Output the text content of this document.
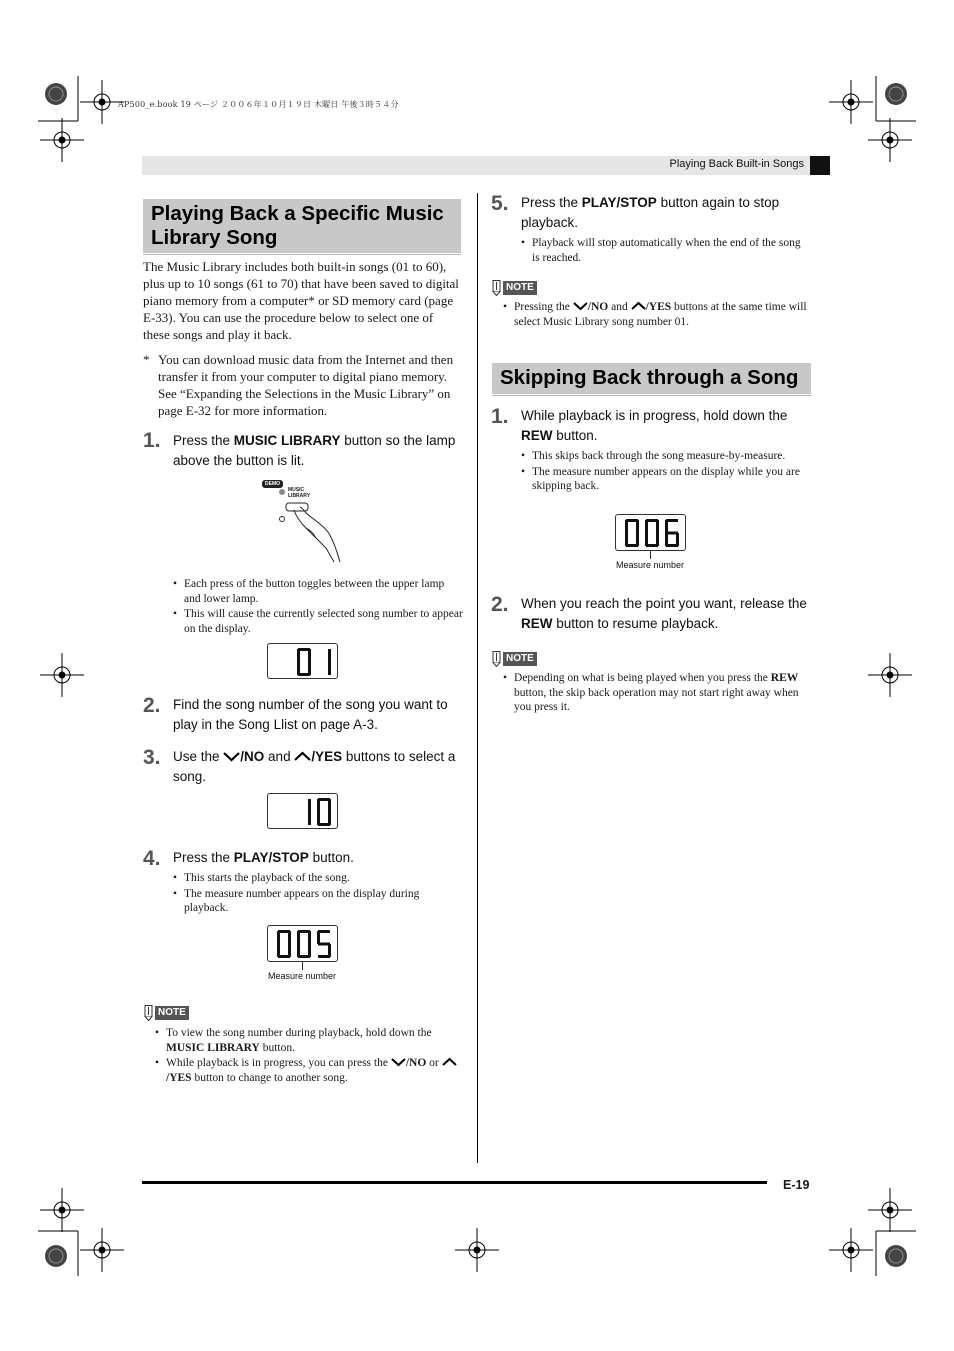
AP500_e.book 19 ページ ２００６年１０月１９日 木曜日 午後３時５４分
Playing Back Built-in Songs
Playing Back a Specific Music Library Song
The Music Library includes both built-in songs (01 to 60), plus up to 10 songs (61 to 70) that have been saved to digital piano memory from a computer* or SD memory card (page E-33). You can use the procedure below to select one of these songs and play it back.
* You can download music data from the Internet and then transfer it from your computer to digital piano memory. See “Expanding the Selections in the Music Library” on page E-32 for more information.
1. Press the MUSIC LIBRARY button so the lamp above the button is lit.
DEMO
MUSIC
LIBRARY
• Each press of the button toggles between the upper lamp and lower lamp.
• This will cause the currently selected song number to appear on the display.
2. Find the song number of the song you want to play in the Song Llist on page A-3.
3. Use the /NO and /YES buttons to select a song.
4. Press the PLAY/STOP button.
• This starts the playback of the song.
• The measure number appears on the display during playback.
Measure number
NOTE
• To view the song number during playback, hold down the MUSIC LIBRARY button.
• While playback is in progress, you can press the /NO or /YES button to change to another song.
5. Press the PLAY/STOP button again to stop playback.
• Playback will stop automatically when the end of the song is reached.
NOTE
• Pressing the /NO and /YES buttons at the same time will select Music Library song number 01.
Skipping Back through a Song
1. While playback is in progress, hold down the REW button.
• This skips back through the song measure-by-measure.
• The measure number appears on the display while you are skipping back.
Measure number
2. When you reach the point you want, release the REW button to resume playback.
NOTE
• Depending on what is being played when you press the REW button, the skip back operation may not start right away when you press it.
E-19
